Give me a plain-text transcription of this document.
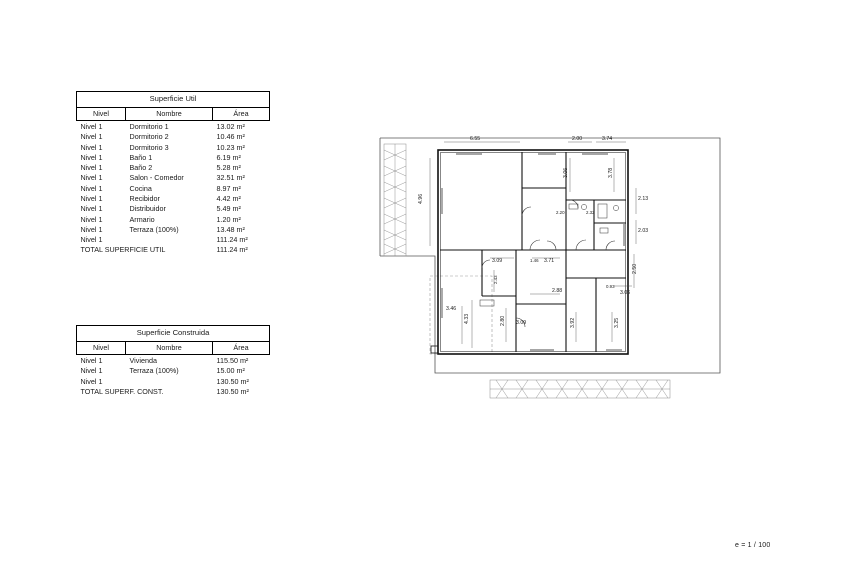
Superficie Util		
Nivel	Nombre	Área
Nivel 1	Dormitorio 1	13.02 m²
Nivel 1	Dormitorio 2	10.46 m²
Nivel 1	Dormitorio 3	10.23 m²
Nivel 1	Baño 1	6.19 m²
Nivel 1	Baño 2	5.28 m²
Nivel 1	Salon - Comedor	32.51 m²
Nivel 1	Cocina	8.97 m²
Nivel 1	Recibidor	4.42 m²
Nivel 1	Distribuidor	5.49 m²
Nivel 1	Armario	1.20 m²
Nivel 1	Terraza (100%)	13.48 m²
Nivel 1		111.24 m²
TOTAL SUPERFICIE UTIL		111.24 m²
Superficie Construida		
Nivel	Nombre	Área
Nivel 1	Vivienda	115.50 m²
Nivel 1	Terraza (100%)	15.00 m²
Nivel 1		130.50 m²
TOTAL SUPERF. CONST.		130.50 m²
6.55	2.00	3.74
4.96
3.06	3.78
2.13
2.20	2.32
2.03
3.09	1.46 3.71
2.50
2.43
2.88
0.93
3.06
3.46
4.33	2.80 3.09	3.92	3.25
e = 1 / 100
